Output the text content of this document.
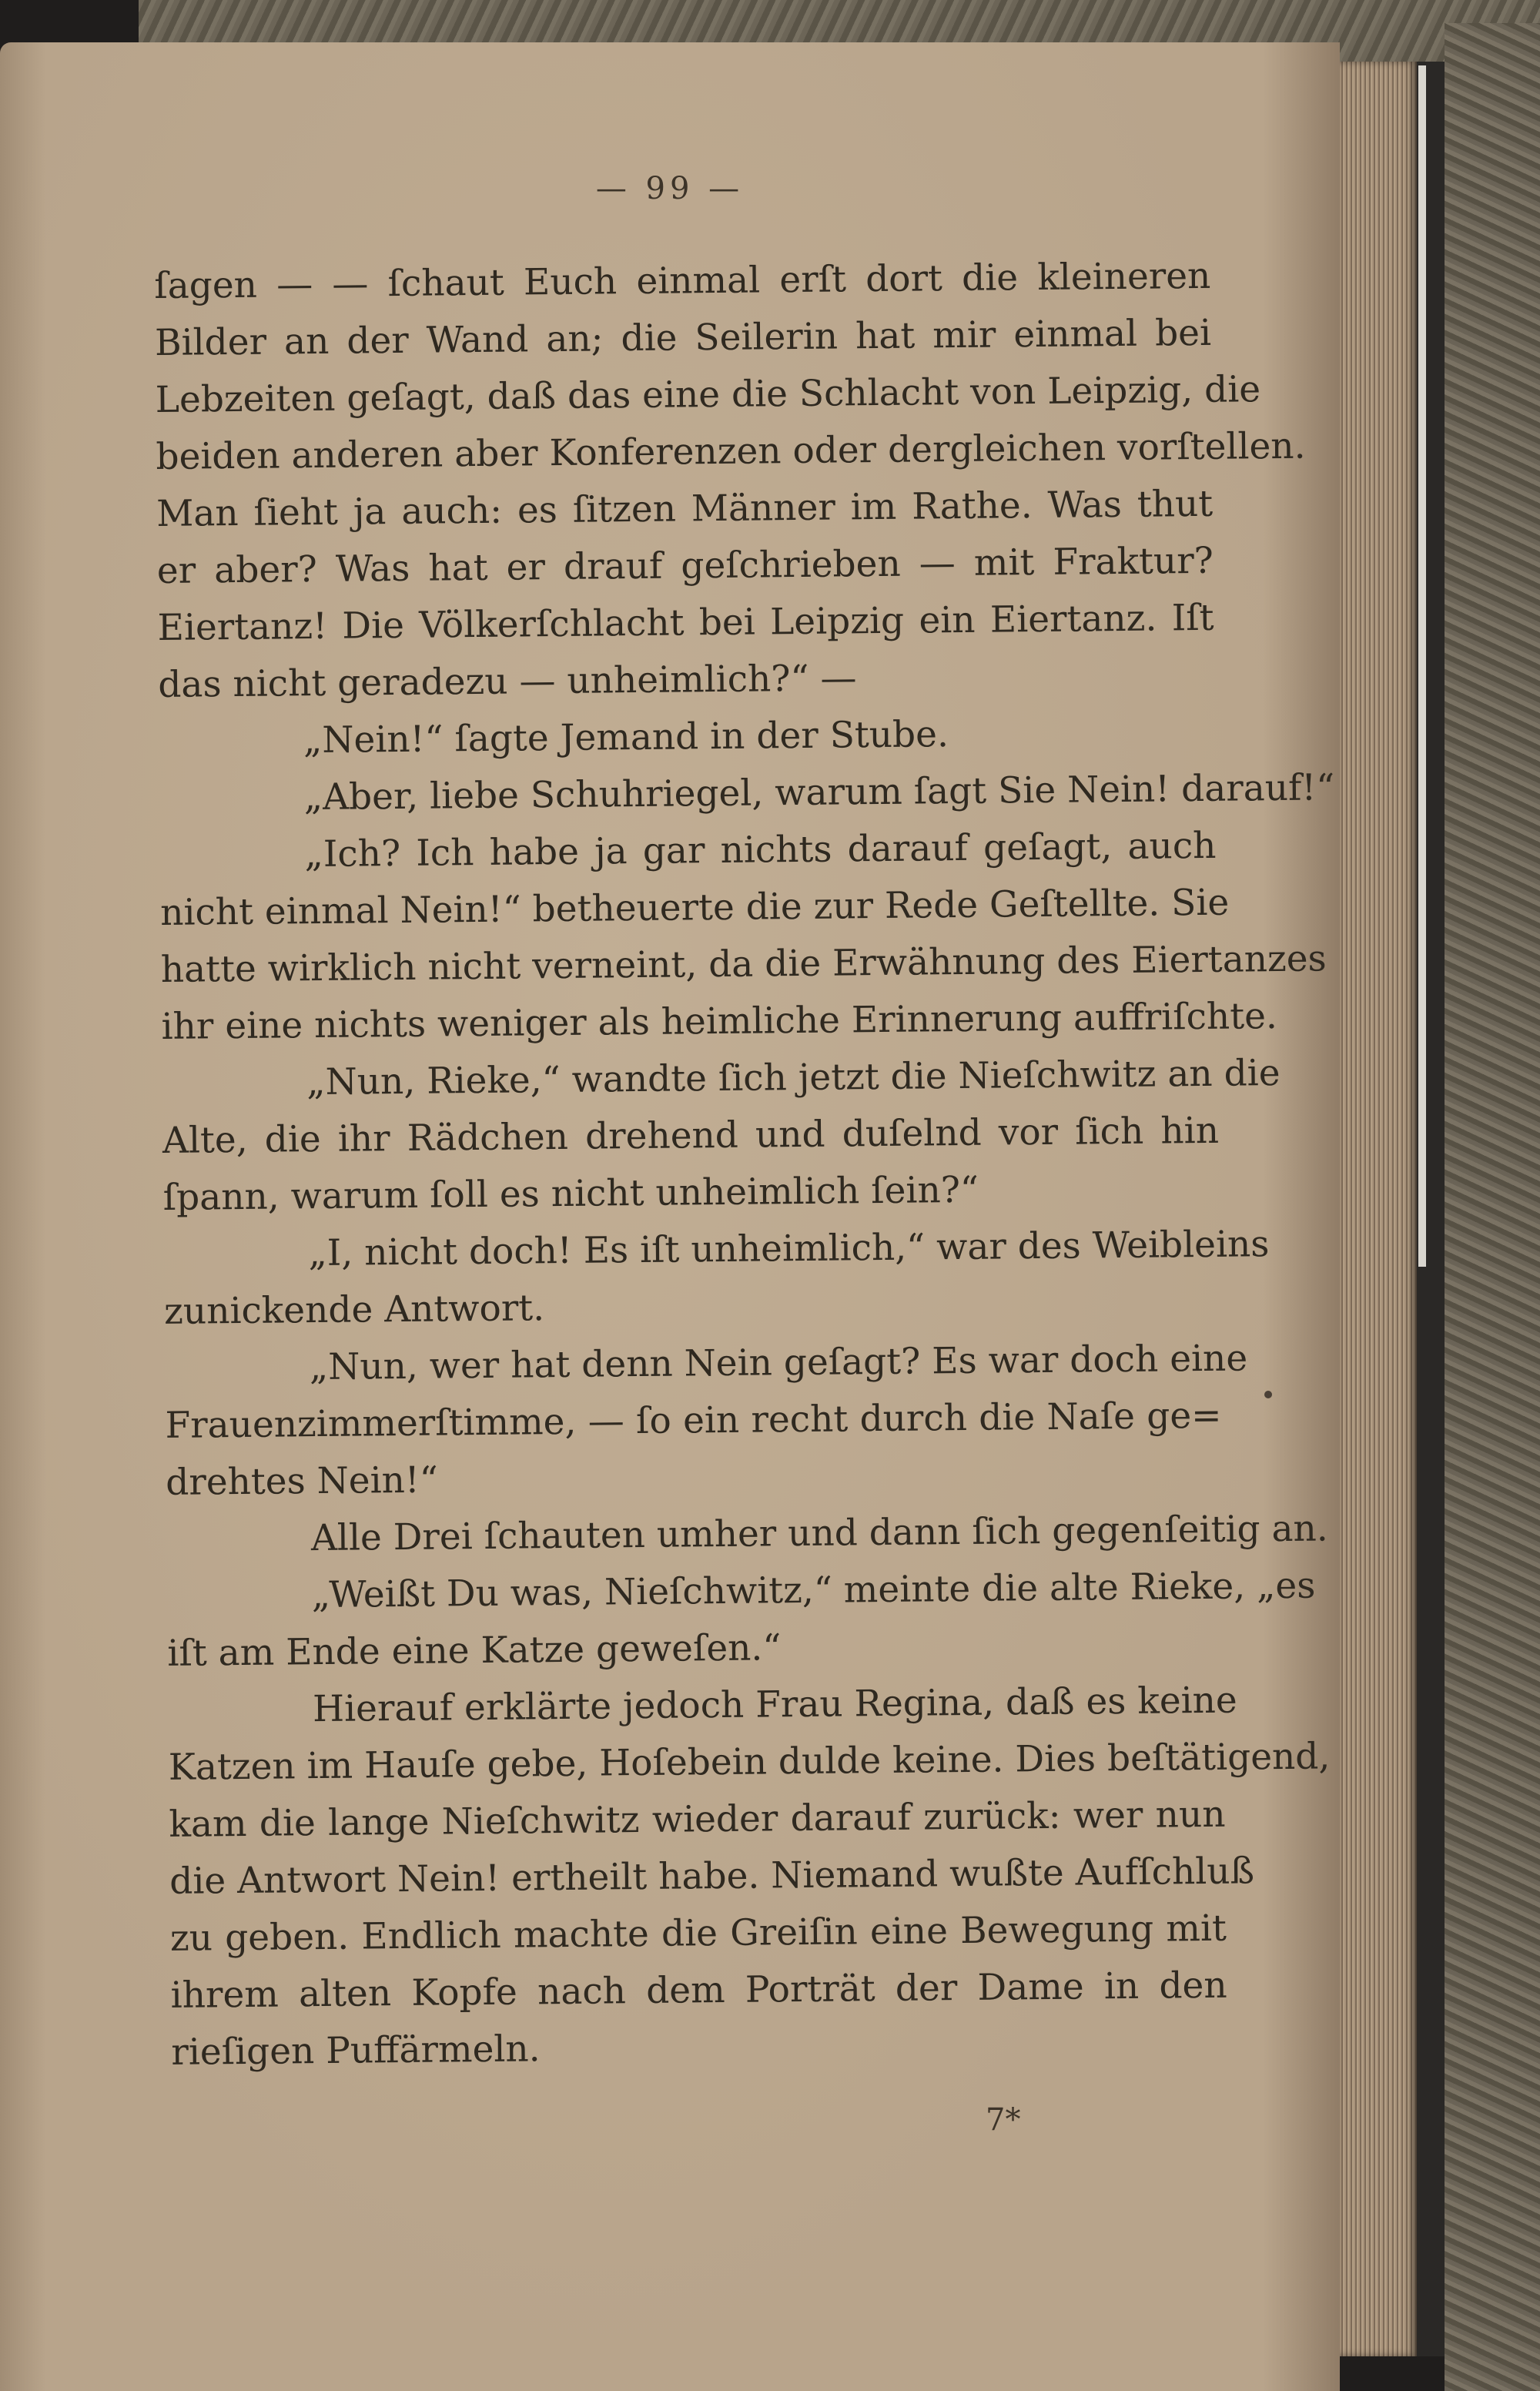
— 99 —
ſagen — — ſchaut Euch einmal erſt dort die kleineren
Bilder an der Wand an; die Seilerin hat mir einmal bei
Lebzeiten geſagt, daß das eine die Schlacht von Leipzig, die
beiden anderen aber Konferenzen oder dergleichen vorſtellen.
Man ſieht ja auch: es ſitzen Männer im Rathe. Was thut
er aber? Was hat er drauf geſchrieben — mit Fraktur?
Eiertanz! Die Völkerſchlacht bei Leipzig ein Eiertanz. Iſt
das nicht geradezu — unheimlich?“ —
„Nein!“ ſagte Jemand in der Stube.
„Aber, liebe Schuhriegel, warum ſagt Sie Nein! darauf!“
„Ich? Ich habe ja gar nichts darauf geſagt, auch
nicht einmal Nein!“ betheuerte die zur Rede Geſtellte. Sie
hatte wirklich nicht verneint, da die Erwähnung des Eiertanzes
ihr eine nichts weniger als heimliche Erinnerung auffriſchte.
„Nun, Rieke,“ wandte ſich jetzt die Nieſchwitz an die
Alte, die ihr Rädchen drehend und duſelnd vor ſich hin
ſpann, warum ſoll es nicht unheimlich ſein?“
„I, nicht doch! Es iſt unheimlich,“ war des Weibleins
zunickende Antwort.
„Nun, wer hat denn Nein geſagt? Es war doch eine
Frauenzimmerſtimme, — ſo ein recht durch die Naſe ge=
drehtes Nein!“
Alle Drei ſchauten umher und dann ſich gegenſeitig an.
„Weißt Du was, Nieſchwitz,“ meinte die alte Rieke, „es
iſt am Ende eine Katze geweſen.“
Hierauf erklärte jedoch Frau Regina, daß es keine
Katzen im Hauſe gebe, Hoſebein dulde keine. Dies beſtätigend,
kam die lange Nieſchwitz wieder darauf zurück: wer nun
die Antwort Nein! ertheilt habe. Niemand wußte Aufſchluß
zu geben. Endlich machte die Greiſin eine Bewegung mit
ihrem alten Kopfe nach dem Porträt der Dame in den
rieſigen Puffärmeln.
7*
